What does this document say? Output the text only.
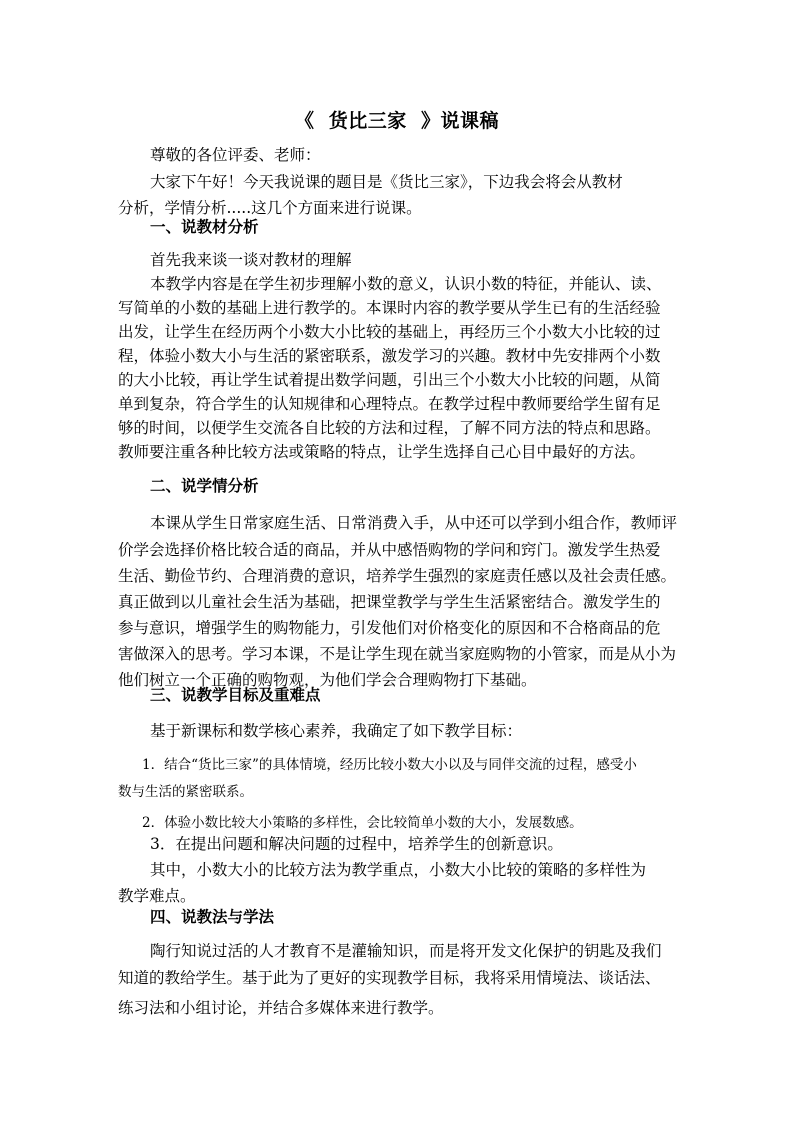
《  货比三家  》说课稿
尊敬的各位评委、老师：
大家下午好！今天我说课的题目是《货比三家》，下边我会将会从教材
分析，学情分析.....这几个方面来进行说课。
一、说教材分析
首先我来谈一谈对教材的理解
本教学内容是在学生初步理解小数的意义，认识小数的特征，并能认、读、
写简单的小数的基础上进行教学的。本课时内容的教学要从学生已有的生活经验
出发，让学生在经历两个小数大小比较的基础上，再经历三个小数大小比较的过
程，体验小数大小与生活的紧密联系，激发学习的兴趣。教材中先安排两个小数
的大小比较，再让学生试着提出数学问题，引出三个小数大小比较的问题，从简
单到复杂，符合学生的认知规律和心理特点。在教学过程中教师要给学生留有足
够的时间，以便学生交流各自比较的方法和过程，了解不同方法的特点和思路。
教师要注重各种比较方法或策略的特点，让学生选择自己心目中最好的方法。
二、说学情分析
本课从学生日常家庭生活、日常消费入手，从中还可以学到小组合作，教师评
价学会选择价格比较合适的商品，并从中感悟购物的学问和窍门。激发学生热爱
生活、勤俭节约、合理消费的意识，培养学生强烈的家庭责任感以及社会责任感。
真正做到以儿童社会生活为基础，把课堂教学与学生生活紧密结合。激发学生的
参与意识，增强学生的购物能力，引发他们对价格变化的原因和不合格商品的危
害做深入的思考。学习本课，不是让学生现在就当家庭购物的小管家，而是从小为
他们树立一个正确的购物观，为他们学会合理购物打下基础。
三、说教学目标及重难点
基于新课标和数学核心素养，我确定了如下教学目标：
1．结合“货比三家”的具体情境，经历比较小数大小以及与同伴交流的过程，感受小
数与生活的紧密联系。
2．体验小数比较大小策略的多样性，会比较简单小数的大小，发展数感。
3．在提出问题和解决问题的过程中，培养学生的创新意识。
其中，小数大小的比较方法为教学重点，小数大小比较的策略的多样性为
教学难点。
四、说教法与学法
陶行知说过活的人才教育不是灌输知识，而是将开发文化保护的钥匙及我们
知道的教给学生。基于此为了更好的实现教学目标，我将采用情境法、谈话法、
练习法和小组讨论，并结合多媒体来进行教学。
